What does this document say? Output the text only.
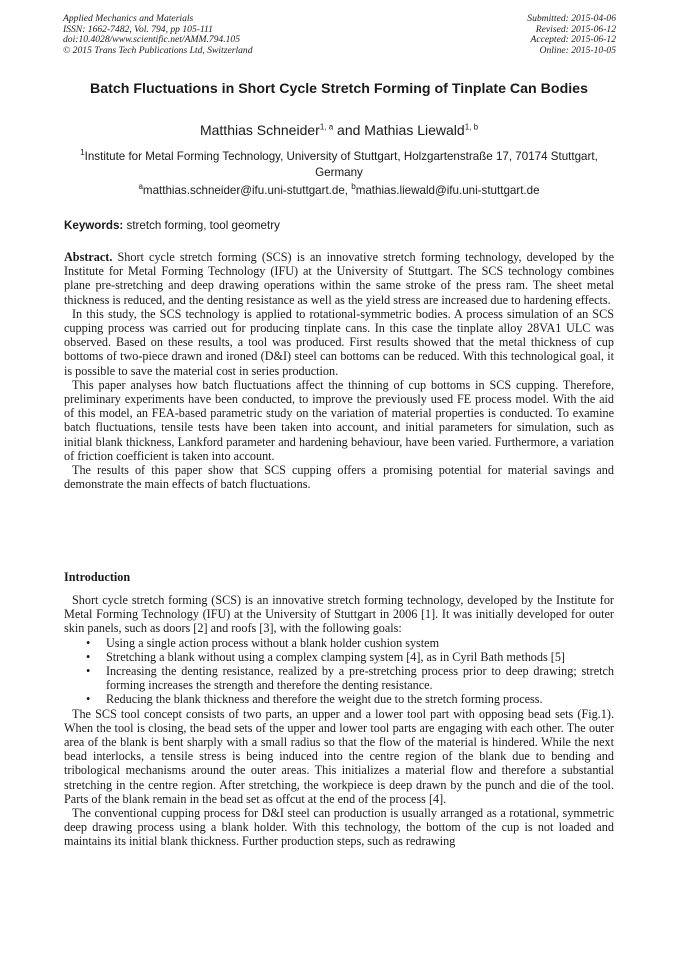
Applied Mechanics and Materials
ISSN: 1662-7482, Vol. 794, pp 105-111
doi:10.4028/www.scientific.net/AMM.794.105
© 2015 Trans Tech Publications Ltd, Switzerland
Submitted: 2015-04-06
Revised: 2015-06-12
Accepted: 2015-06-12
Online: 2015-10-05
Batch Fluctuations in Short Cycle Stretch Forming of Tinplate Can Bodies
Matthias Schneider$^{1, a}$ and Mathias Liewald$^{1, b}$
$^1$Institute for Metal Forming Technology, University of Stuttgart, Holzgartenstraße 17, 70174 Stuttgart, Germany
$^a$matthias.schneider@ifu.uni-stuttgart.de, $^b$mathias.liewald@ifu.uni-stuttgart.de
Keywords: stretch forming, tool geometry

Abstract. Short cycle stretch forming (SCS) is an innovative stretch forming technology, developed by the Institute for Metal Forming Technology (IFU) at the University of Stuttgart. The SCS technology combines plane pre-stretching and deep drawing operations within the same stroke of the press ram. The sheet metal thickness is reduced, and the denting resistance as well as the yield stress are increased due to hardening effects.

In this study, the SCS technology is applied to rotational-symmetric bodies. A process simulation of an SCS cupping process was carried out for producing tinplate cans. In this case the tinplate alloy 28VA1 ULC was observed. Based on these results, a tool was produced. First results showed that the metal thickness of cup bottoms of two-piece drawn and ironed (D&I) steel can bottoms can be reduced. With this technological goal, it is possible to save the material cost in series production.

This paper analyses how batch fluctuations affect the thinning of cup bottoms in SCS cupping. Therefore, preliminary experiments have been conducted, to improve the previously used FE process model. With the aid of this model, an FEA-based parametric study on the variation of material properties is conducted. To examine batch fluctuations, tensile tests have been taken into account, and initial parameters for simulation, such as initial blank thickness, Lankford parameter and hardening behaviour, have been varied. Furthermore, a variation of friction coefficient is taken into account.

The results of this paper show that SCS cupping offers a promising potential for material savings and demonstrate the main effects of batch fluctuations.

Introduction

Short cycle stretch forming (SCS) is an innovative stretch forming technology, developed by the Institute for Metal Forming Technology (IFU) at the University of Stuttgart in 2006 [1]. It was initially developed for outer skin panels, such as doors [2] and roofs [3], with the following goals:

• Using a single action process without a blank holder cushion system
• Stretching a blank without using a complex clamping system [4], as in Cyril Bath methods [5]
• Increasing the denting resistance, realized by a pre-stretching process prior to deep drawing; stretch forming increases the strength and therefore the denting resistance.
• Reducing the blank thickness and therefore the weight due to the stretch forming process.

The SCS tool concept consists of two parts, an upper and a lower tool part with opposing bead sets (Fig.1). When the tool is closing, the bead sets of the upper and lower tool parts are engaging with each other. The outer area of the blank is bent sharply with a small radius so that the flow of the material is hindered. While the next bead interlocks, a tensile stress is being induced into the centre region of the blank due to bending and tribological mechanisms around the outer areas. This initializes a material flow and therefore a substantial stretching in the centre region. After stretching, the workpiece is deep drawn by the punch and die of the tool. Parts of the blank remain in the bead set as offcut at the end of the process [4].

The conventional cupping process for D&I steel can production is usually arranged as a rotational, symmetric deep drawing process using a blank holder. With this technology, the bottom of the cup is not loaded and maintains its initial blank thickness. Further production steps, such as redrawing
